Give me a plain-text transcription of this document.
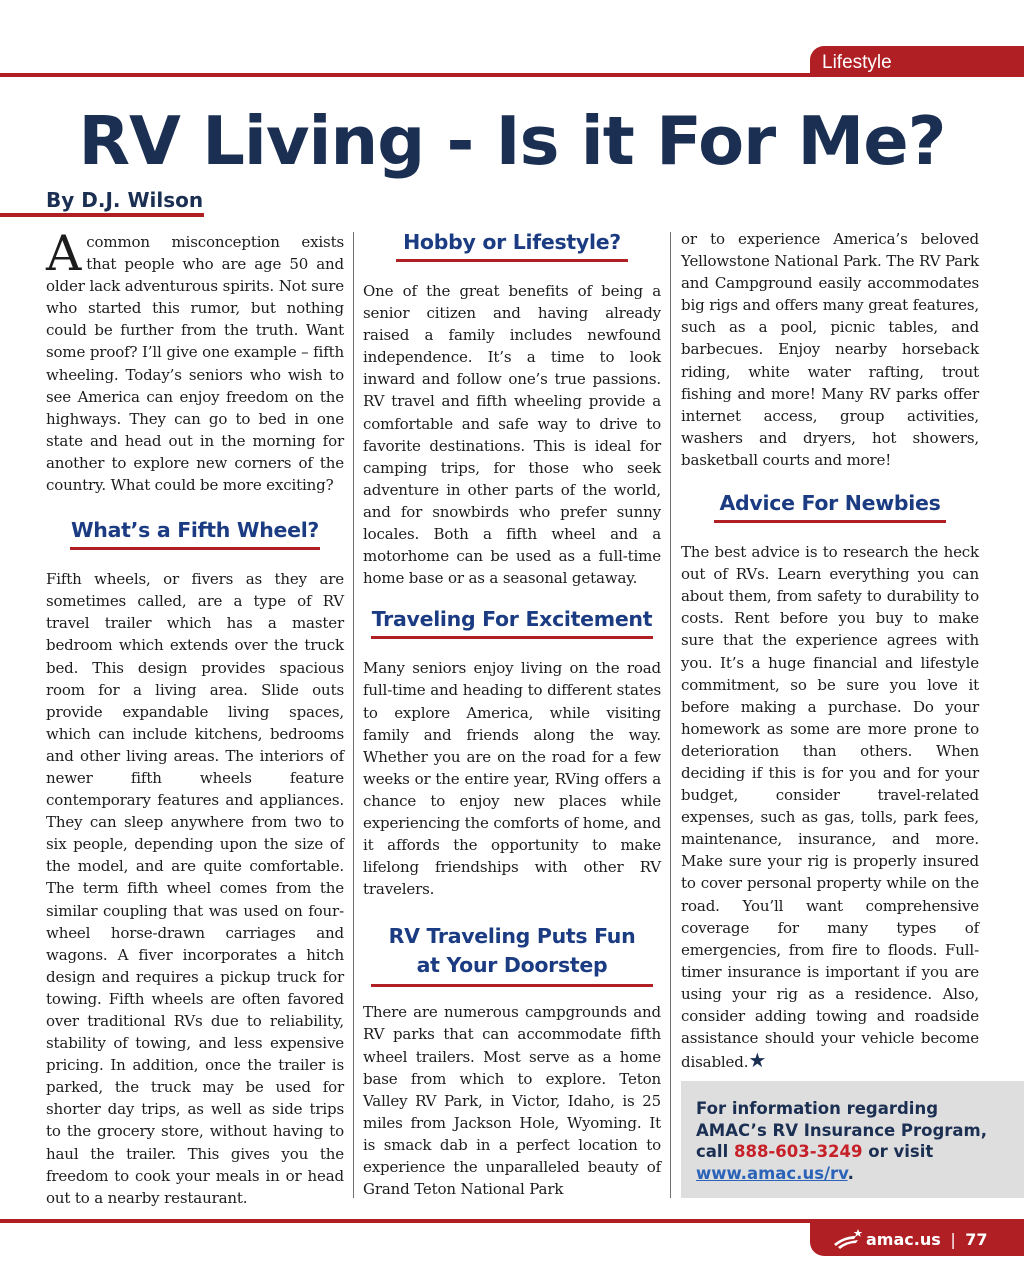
Lifestyle
RV Living - Is it For Me?
By D.J. Wilson

Acommon misconception exists that people who are age 50 and older lack adventurous spirits. Not sure who started this rumor, but nothing could be further from the truth. Want some proof? I’ll give one example – fifth wheeling. Today’s seniors who wish to see America can enjoy freedom on the highways. They can go to bed in one state and head out in the morning for another to explore new corners of the country. What could be more exciting?

What’s a Fifth Wheel?

Fifth wheels, or fivers as they are sometimes called, are a type of RV travel trailer which has a master bedroom which extends over the truck bed. This design provides spacious room for a living area. Slide outs provide expandable living spaces, which can include kitchens, bedrooms and other living areas. The interiors of newer fifth wheels feature contemporary features and appliances. They can sleep anywhere from two to six people, depending upon the size of the model, and are quite comfortable. The term fifth wheel comes from the similar coupling that was used on four-wheel horse-drawn carriages and wagons. A fiver incorporates a hitch design and requires a pickup truck for towing. Fifth wheels are often favored over traditional RVs due to reliability, stability of towing, and less expensive pricing. In addition, once the trailer is parked, the truck may be used for shorter day trips, as well as side trips to the grocery store, without having to haul the trailer. This gives you the freedom to cook your meals in or head out to a nearby restaurant.

Hobby or Lifestyle?

One of the great benefits of being a senior citizen and having already raised a family includes newfound independence. It’s a time to look inward and follow one’s true passions. RV travel and fifth wheeling provide a comfortable and safe way to drive to favorite destinations. This is ideal for camping trips, for those who seek adventure in other parts of the world, and for snowbirds who prefer sunny locales. Both a fifth wheel and a motorhome can be used as a full-time home base or as a seasonal getaway.

Traveling For Excitement

Many seniors enjoy living on the road full-time and heading to different states to explore America, while visiting family and friends along the way. Whether you are on the road for a few weeks or the entire year, RVing offers a chance to enjoy new places while experiencing the comforts of home, and it affords the opportunity to make lifelong friendships with other RV travelers.

RV Traveling Puts Fun at Your Doorstep

There are numerous campgrounds and RV parks that can accommodate fifth wheel trailers. Most serve as a home base from which to explore. Teton Valley RV Park, in Victor, Idaho, is 25 miles from Jackson Hole, Wyoming. It is smack dab in a perfect location to experience the unparalleled beauty of Grand Teton National Park

or to experience America’s beloved Yellowstone National Park. The RV Park and Campground easily accommodates big rigs and offers many great features, such as a pool, picnic tables, and barbecues. Enjoy nearby horseback riding, white water rafting, trout fishing and more! Many RV parks offer internet access, group activities, washers and dryers, hot showers, basketball courts and more!

Advice For Newbies

The best advice is to research the heck out of RVs. Learn everything you can about them, from safety to durability to costs. Rent before you buy to make sure that the experience agrees with you. It’s a huge financial and lifestyle commitment, so be sure you love it before making a purchase. Do your homework as some are more prone to deterioration than others. When deciding if this is for you and for your budget, consider travel-related expenses, such as gas, tolls, park fees, maintenance, insurance, and more. Make sure your rig is properly insured to cover personal property while on the road. You’ll want comprehensive coverage for many types of emergencies, from fire to floods. Full-timer insurance is important if you are using your rig as a residence. Also, consider adding towing and roadside assistance should your vehicle become disabled.★

For information regarding
AMAC’s RV Insurance Program,
call 888-603-3249 or visit
www.amac.us/rv.
amac.us | 77
